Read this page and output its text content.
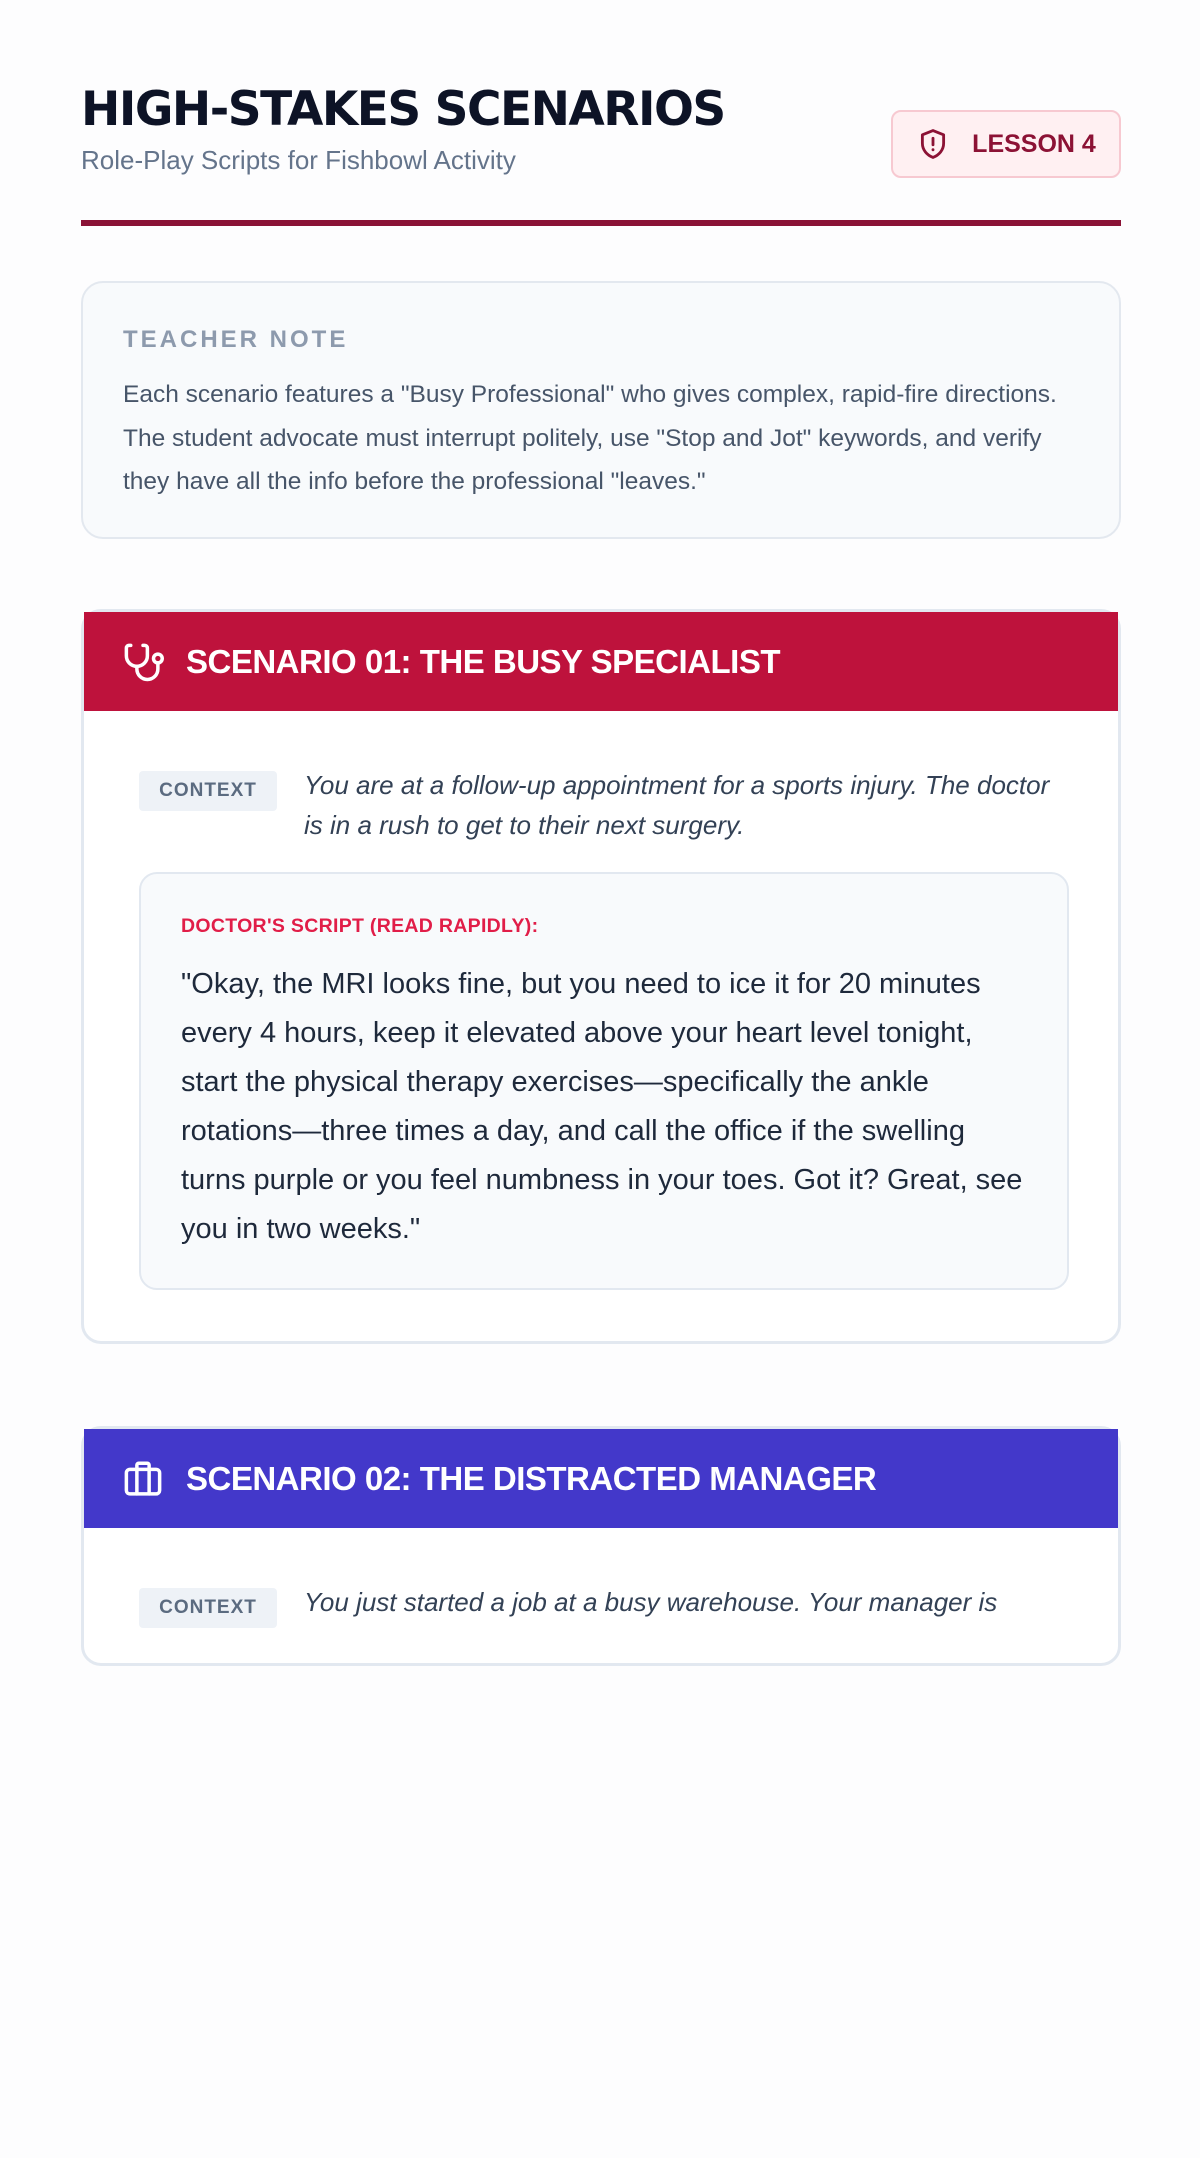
HIGH-STAKES SCENARIOS
Role-Play Scripts for Fishbowl Activity
LESSON 4
TEACHER NOTE
Each scenario features a "Busy Professional" who gives complex, rapid-fire directions. The student advocate must interrupt politely, use "Stop and Jot" keywords, and verify they have all the info before the professional "leaves."
SCENARIO 01: THE BUSY SPECIALIST
CONTEXT	You are at a follow-up appointment for a sports injury. The doctor is in a rush to get to their next surgery.
DOCTOR'S SCRIPT (READ RAPIDLY):
"Okay, the MRI looks fine, but you need to ice it for 20 minutes every 4 hours, keep it elevated above your heart level tonight, start the physical therapy exercises—specifically the ankle rotations—three times a day, and call the office if the swelling turns purple or you feel numbness in your toes. Got it? Great, see you in two weeks."
SCENARIO 02: THE DISTRACTED MANAGER
CONTEXT	You just started a job at a busy warehouse. Your manager is
